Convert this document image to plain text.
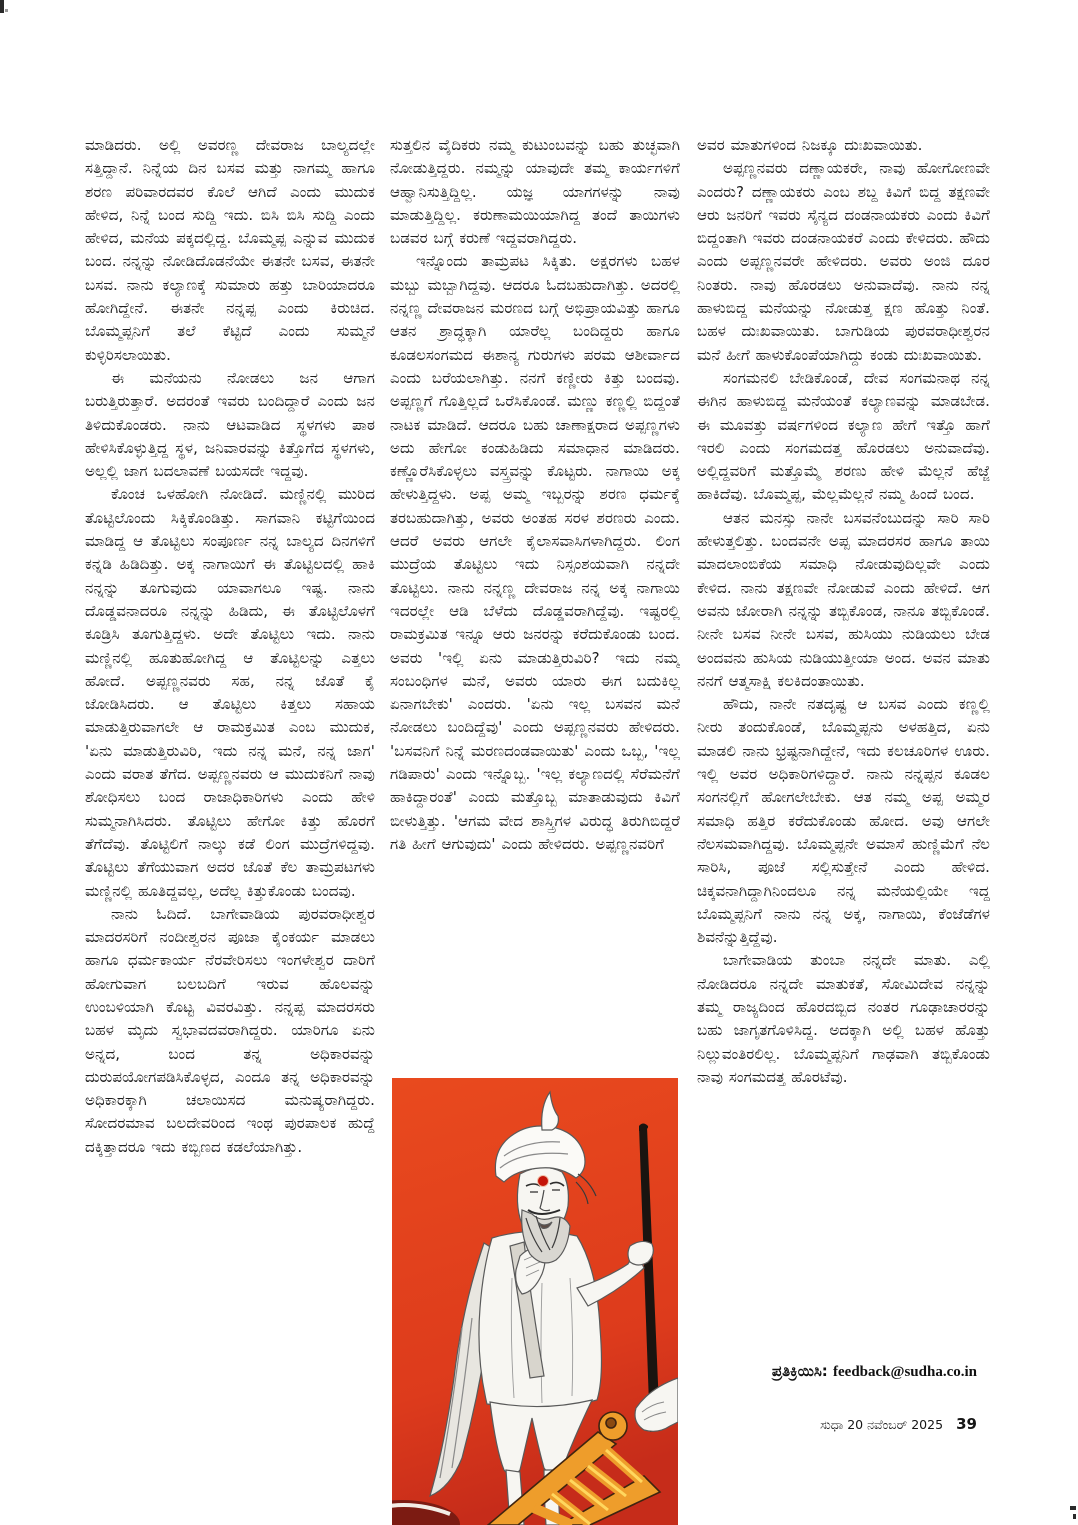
ಮಾಡಿದರು. ಅಲ್ಲಿ ಅವರಣ್ಣ ದೇವರಾಜ ಬಾಲ್ಯದಲ್ಲೇ ಸತ್ತಿದ್ದಾನೆ. ನಿನ್ನೆಯ ದಿನ ಬಸವ ಮತ್ತು ನಾಗಮ್ಮ ಹಾಗೂ ಶರಣ ಪರಿವಾರದವರ ಕೊಲೆ ಆಗಿದೆ ಎಂದು ಮುದುಕ ಹೇಳಿದ, ನಿನ್ನೆ ಬಂದ ಸುದ್ದಿ ಇದು. ಬಿಸಿ ಬಿಸಿ ಸುದ್ದಿ ಎಂದು ಹೇಳಿದ, ಮನೆಯ ಪಕ್ಕದಲ್ಲಿದ್ದ. ಬೊಮ್ಮಪ್ಪ ಎನ್ನುವ ಮುದುಕ ಬಂದ. ನನ್ನನ್ನು ನೋಡಿದೊಡನೆಯೇ ಈತನೇ ಬಸವ, ಈತನೇ ಬಸವ. ನಾನು ಕಲ್ಯಾಣಕ್ಕೆ ಸುಮಾರು ಹತ್ತು ಬಾರಿಯಾದರೂ ಹೋಗಿದ್ದೇನೆ. ಈತನೇ ನನ್ನಪ್ಪ ಎಂದು ಕಿರುಚಿದ. ಬೊಮ್ಮಪ್ಪನಿಗೆ ತಲೆ ಕೆಟ್ಟಿದೆ ಎಂದು ಸುಮ್ಮನೆ ಕುಳ್ಳಿರಿಸಲಾಯಿತು.

ಈ ಮನೆಯನು ನೋಡಲು ಜನ ಆಗಾಗ ಬರುತ್ತಿರುತ್ತಾರೆ. ಅದರಂತೆ ಇವರು ಬಂದಿದ್ದಾರೆ ಎಂದು ಜನ ತಿಳಿದುಕೊಂಡರು. ನಾನು ಆಟವಾಡಿದ ಸ್ಥಳಗಳು ಪಾಠ ಹೇಳಿಸಿಕೊಳ್ಳುತ್ತಿದ್ದ ಸ್ಥಳ, ಜನಿವಾರವನ್ನು ಕಿತ್ತೊಗೆದ ಸ್ಥಳಗಳು, ಅಲ್ಲಲ್ಲಿ ಜಾಗ ಬದಲಾವಣೆ ಬಯಸದೇ ಇದ್ದವು.

ಕೊಂಚ ಒಳಹೋಗಿ ನೋಡಿದೆ. ಮಣ್ಣಿನಲ್ಲಿ ಮುರಿದ ತೊಟ್ಟಿಲೊಂದು ಸಿಕ್ಕಿಕೊಂಡಿತ್ತು. ಸಾಗವಾನಿ ಕಟ್ಟಿಗೆಯಿಂದ ಮಾಡಿದ್ದ ಆ ತೊಟ್ಟಿಲು ಸಂಪೂರ್ಣ ನನ್ನ ಬಾಲ್ಯದ ದಿನಗಳಿಗೆ ಕನ್ನಡಿ ಹಿಡಿದಿತ್ತು. ಅಕ್ಕ ನಾಗಾಯಿಗೆ ಈ ತೊಟ್ಟಿಲದಲ್ಲಿ ಹಾಕಿ ನನ್ನನ್ನು ತೂಗುವುದು ಯಾವಾಗಲೂ ಇಷ್ಟ. ನಾನು ದೊಡ್ಡವನಾದರೂ ನನ್ನನ್ನು ಹಿಡಿದು, ಈ ತೊಟ್ಟಿಲೊಳಗೆ ಕೂಡ್ರಿಸಿ ತೂಗುತ್ತಿದ್ದಳು. ಅದೇ ತೊಟ್ಟಿಲು ಇದು. ನಾನು ಮಣ್ಣಿನಲ್ಲಿ ಹೂತುಹೋಗಿದ್ದ ಆ ತೊಟ್ಟಿಲನ್ನು ಎತ್ತಲು ಹೋದೆ. ಅಪ್ಪಣ್ಣನವರು ಸಹ, ನನ್ನ ಜೊತೆ ಕೈ ಜೋಡಿಸಿದರು. ಆ ತೊಟ್ಟಿಲು ಕಿತ್ತಲು ಸಹಾಯ ಮಾಡುತ್ತಿರುವಾಗಲೇ ಆ ರಾಮಕ್ರಮಿತ ಎಂಬ ಮುದುಕ, 'ಏನು ಮಾಡುತ್ತಿರುವಿರಿ, ಇದು ನನ್ನ ಮನೆ, ನನ್ನ ಜಾಗ' ಎಂದು ವರಾತ ತೆಗೆದ. ಅಪ್ಪಣ್ಣನವರು ಆ ಮುದುಕನಿಗೆ ನಾವು ಶೋಧಿಸಲು ಬಂದ ರಾಜಾಧಿಕಾರಿಗಳು ಎಂದು ಹೇಳಿ ಸುಮ್ಮನಾಗಿಸಿದರು. ತೊಟ್ಟಿಲು ಹೇಗೋ ಕಿತ್ತು ಹೊರಗೆ ತೆಗೆದೆವು. ತೊಟ್ಟಿಲಿಗೆ ನಾಲ್ಕು ಕಡೆ ಲಿಂಗ ಮುದ್ರೆಗಳಿದ್ದವು. ತೊಟ್ಟಿಲು ತೆಗೆಯುವಾಗ ಅದರ ಜೊತೆ ಕೆಲ ತಾಮ್ರಪಟಗಳು ಮಣ್ಣಿನಲ್ಲಿ ಹೂತಿದ್ದವಲ್ಲ, ಅದೆಲ್ಲ ಕಿತ್ತುಕೊಂಡು ಬಂದವು.

ನಾನು ಓದಿದೆ. ಬಾಗೇವಾಡಿಯ ಪುರವರಾಧೀಶ್ವರ ಮಾದರಸರಿಗೆ ನಂದೀಶ್ವರನ ಪೂಜಾ ಕೈಂಕರ್ಯ ಮಾಡಲು ಹಾಗೂ ಧರ್ಮಕಾರ್ಯ ನೆರವೇರಿಸಲು ಇಂಗಳೇಶ್ವರ ದಾರಿಗೆ ಹೋಗುವಾಗ ಬಲಬದಿಗೆ ಇರುವ ಹೊಲವನ್ನು ಉಂಬಳಿಯಾಗಿ ಕೊಟ್ಟ ವಿವರವಿತ್ತು. ನನ್ನಪ್ಪ ಮಾದರಸರು ಬಹಳ ಮೃದು ಸ್ವಭಾವದವರಾಗಿದ್ದರು. ಯಾರಿಗೂ ಏನು ಅನ್ನದ, ಬಂದ ತನ್ನ ಅಧಿಕಾರವನ್ನು ದುರುಪಯೋಗಪಡಿಸಿಕೊಳ್ಳದ, ಎಂದೂ ತನ್ನ ಅಧಿಕಾರವನ್ನು ಅಧಿಕಾರಕ್ಕಾಗಿ ಚಲಾಯಿಸದ ಮನುಷ್ಯರಾಗಿದ್ದರು. ಸೋದರಮಾವ ಬಲದೇವರಿಂದ ಇಂಥ ಪುರಪಾಲಕ ಹುದ್ದೆ ದಕ್ಕಿತ್ತಾದರೂ ಇದು ಕಬ್ಬಿಣದ ಕಡಲೆಯಾಗಿತ್ತು.

ಸುತ್ತಲಿನ ವೈದಿಕರು ನಮ್ಮ ಕುಟುಂಬವನ್ನು ಬಹು ತುಚ್ಛವಾಗಿ ನೋಡುತ್ತಿದ್ದರು. ನಮ್ಮನ್ನು ಯಾವುದೇ ತಮ್ಮ ಕಾರ್ಯಗಳಿಗೆ ಆಹ್ವಾನಿಸುತ್ತಿದ್ದಿಲ್ಲ. ಯಜ್ಞ ಯಾಗಗಳನ್ನು ನಾವು ಮಾಡುತ್ತಿದ್ದಿಲ್ಲ. ಕರುಣಾಮಯಿಯಾಗಿದ್ದ ತಂದೆ ತಾಯಿಗಳು ಬಡವರ ಬಗ್ಗೆ ಕರುಣೆ ಇದ್ದವರಾಗಿದ್ದರು.

ಇನ್ನೊಂದು ತಾಮ್ರಪಟ ಸಿಕ್ಕಿತು. ಅಕ್ಷರಗಳು ಬಹಳ ಮಬ್ಬು ಮಬ್ಬಾಗಿದ್ದವು. ಆದರೂ ಓದಬಹುದಾಗಿತ್ತು. ಅದರಲ್ಲಿ ನನ್ನಣ್ಣ ದೇವರಾಜನ ಮರಣದ ಬಗ್ಗೆ ಅಭಿಪ್ರಾಯವಿತ್ತು ಹಾಗೂ ಆತನ ಶ್ರಾದ್ಧಕ್ಕಾಗಿ ಯಾರೆಲ್ಲ ಬಂದಿದ್ದರು ಹಾಗೂ ಕೂಡಲಸಂಗಮದ ಈಶಾನ್ಯ ಗುರುಗಳು ಪರಮ ಆಶೀರ್ವಾದ ಎಂದು ಬರೆಯಲಾಗಿತ್ತು. ನನಗೆ ಕಣ್ಣೀರು ಕಿತ್ತು ಬಂದವು. ಅಪ್ಪಣ್ಣಗೆ ಗೊತ್ತಿಲ್ಲದೆ ಒರೆಸಿಕೊಂಡೆ. ಮಣ್ಣು ಕಣ್ಣಲ್ಲಿ ಬಿದ್ದಂತೆ ನಾಟಕ ಮಾಡಿದೆ. ಆದರೂ ಬಹು ಚಾಣಾಕ್ಷರಾದ ಅಪ್ಪಣ್ಣಗಳು ಅದು ಹೇಗೋ ಕಂಡುಹಿಡಿದು ಸಮಾಧಾನ ಮಾಡಿದರು. ಕಣ್ಣೊರೆಸಿಕೊಳ್ಳಲು ವಸ್ತ್ರವನ್ನು ಕೊಟ್ಟರು. ನಾಗಾಯಿ ಅಕ್ಕ ಹೇಳುತ್ತಿದ್ದಳು. ಅಪ್ಪ ಅಮ್ಮ ಇಬ್ಬರನ್ನು ಶರಣ ಧರ್ಮಕ್ಕೆ ತರಬಹುದಾಗಿತ್ತು, ಅವರು ಅಂತಹ ಸರಳ ಶರಣರು ಎಂದು. ಆದರೆ ಅವರು ಆಗಲೇ ಕೈಲಾಸವಾಸಿಗಳಾಗಿದ್ದರು. ಲಿಂಗ ಮುದ್ರೆಯ ತೊಟ್ಟಿಲು ಇದು ನಿಸ್ಸಂಶಯವಾಗಿ ನನ್ನದೇ ತೊಟ್ಟಿಲು. ನಾನು ನನ್ನಣ್ಣ ದೇವರಾಜ ನನ್ನ ಅಕ್ಕ ನಾಗಾಯಿ ಇದರಲ್ಲೇ ಆಡಿ ಬೆಳೆದು ದೊಡ್ಡವರಾಗಿದ್ದೆವು. ಇಷ್ಟರಲ್ಲಿ ರಾಮಕ್ರಮಿತ ಇನ್ನೂ ಆರು ಜನರನ್ನು ಕರೆದುಕೊಂಡು ಬಂದ. ಅವರು 'ಇಲ್ಲಿ ಏನು ಮಾಡುತ್ತಿರುವಿರಿ? ಇದು ನಮ್ಮ ಸಂಬಂಧಿಗಳ ಮನೆ, ಅವರು ಯಾರು ಈಗ ಬದುಕಿಲ್ಲ ಏನಾಗಬೇಕು' ಎಂದರು. 'ಏನು ಇಲ್ಲ ಬಸವನ ಮನೆ ನೋಡಲು ಬಂದಿದ್ದೆವು' ಎಂದು ಅಪ್ಪಣ್ಣನವರು ಹೇಳಿದರು. 'ಬಸವನಿಗೆ ನಿನ್ನೆ ಮರಣದಂಡವಾಯಿತು' ಎಂದು ಒಬ್ಬ, 'ಇಲ್ಲ ಗಡಿಪಾರು' ಎಂದು ಇನ್ನೊಬ್ಬ. 'ಇಲ್ಲ ಕಲ್ಯಾಣದಲ್ಲಿ ಸೆರೆಮನೆಗೆ ಹಾಕಿದ್ದಾರಂತೆ' ಎಂದು ಮತ್ತೊಬ್ಬ ಮಾತಾಡುವುದು ಕಿವಿಗೆ ಬೀಳುತ್ತಿತ್ತು. 'ಆಗಮ ವೇದ ಶಾಸ್ತ್ರಿಗಳ ವಿರುದ್ಧ ತಿರುಗಿಬಿದ್ದರೆ ಗತಿ ಹೀಗೆ ಆಗುವುದು' ಎಂದು ಹೇಳಿದರು. ಅಪ್ಪಣ್ಣನವರಿಗೆ

ಅವರ ಮಾತುಗಳಿಂದ ನಿಜಕ್ಕೂ ದುಃಖವಾಯಿತು.

ಅಪ್ಪಣ್ಣನವರು ದಣ್ಣಾಯಕರೇ, ನಾವು ಹೋಗೋಣವೇ ಎಂದರು? ದಣ್ಣಾಯಕರು ಎಂಬ ಶಬ್ದ ಕಿವಿಗೆ ಬಿದ್ದ ತಕ್ಷಣವೇ ಆರು ಜನರಿಗೆ ಇವರು ಸೈನ್ಯದ ದಂಡನಾಯಕರು ಎಂದು ಕಿವಿಗೆ ಬಿದ್ದಂತಾಗಿ ಇವರು ದಂಡನಾಯಕರೆ ಎಂದು ಕೇಳಿದರು. ಹೌದು ಎಂದು ಅಪ್ಪಣ್ಣನವರೇ ಹೇಳಿದರು. ಅವರು ಅಂಜಿ ದೂರ ನಿಂತರು. ನಾವು ಹೊರಡಲು ಅನುವಾದೆವು. ನಾನು ನನ್ನ ಹಾಳುಬಿದ್ದ ಮನೆಯನ್ನು ನೋಡುತ್ತ ಕ್ಷಣ ಹೊತ್ತು ನಿಂತೆ. ಬಹಳ ದುಃಖವಾಯಿತು. ಬಾಗುಡಿಯ ಪುರವರಾಧೀಶ್ವರನ ಮನೆ ಹೀಗೆ ಹಾಳುಕೊಂಪೆಯಾಗಿದ್ದು ಕಂಡು ದುಃಖವಾಯಿತು.

ಸಂಗಮನಲಿ ಬೇಡಿಕೊಂಡೆ, ದೇವ ಸಂಗಮನಾಥ ನನ್ನ ಈಗಿನ ಹಾಳುಬಿದ್ದ ಮನೆಯಂತೆ ಕಲ್ಯಾಣವನ್ನು ಮಾಡಬೇಡ. ಈ ಮೂವತ್ತು ವರ್ಷಗಳಿಂದ ಕಲ್ಯಾಣ ಹೇಗೆ ಇತ್ತೊ ಹಾಗೆ ಇರಲಿ ಎಂದು ಸಂಗಮದತ್ತ ಹೊರಡಲು ಅನುವಾದೆವು. ಅಲ್ಲಿದ್ದವರಿಗೆ ಮತ್ತೊಮ್ಮೆ ಶರಣು ಹೇಳಿ ಮೆಲ್ಲನೆ ಹೆಜ್ಜೆ ಹಾಕಿದೆವು. ಬೊಮ್ಮಪ್ಪ, ಮೆಲ್ಲಮೆಲ್ಲನೆ ನಮ್ಮ ಹಿಂದೆ ಬಂದ.

ಆತನ ಮನಸ್ಸು ನಾನೇ ಬಸವನೆಂಬುದನ್ನು ಸಾರಿ ಸಾರಿ ಹೇಳುತ್ತಲಿತ್ತು. ಬಂದವನೇ ಅಪ್ಪ ಮಾದರಸರ ಹಾಗೂ ತಾಯಿ ಮಾದಲಾಂಬಿಕೆಯ ಸಮಾಧಿ ನೋಡುವುದಿಲ್ಲವೇ ಎಂದು ಕೇಳಿದ. ನಾನು ತಕ್ಷಣವೇ ನೋಡುವೆ ಎಂದು ಹೇಳಿದೆ. ಆಗ ಅವನು ಜೋರಾಗಿ ನನ್ನನ್ನು ತಬ್ಬಿಕೊಂಡ, ನಾನೂ ತಬ್ಬಿಕೊಂಡೆ. ನೀನೇ ಬಸವ ನೀನೇ ಬಸವ, ಹುಸಿಯು ನುಡಿಯಲು ಬೇಡ ಅಂದವನು ಹುಸಿಯ ನುಡಿಯುತ್ತೀಯಾ ಅಂದ. ಅವನ ಮಾತು ನನಗೆ ಆತ್ಮಸಾಕ್ಷಿ ಕಲಕಿದಂತಾಯಿತು.

ಹೌದು, ನಾನೇ ನತದೃಷ್ಟ ಆ ಬಸವ ಎಂದು ಕಣ್ಣಲ್ಲಿ ನೀರು ತಂದುಕೊಂಡೆ, ಬೊಮ್ಮಪ್ಪನು ಅಳಹತ್ತಿದ, ಏನು ಮಾಡಲಿ ನಾನು ಭ್ರಷ್ಟನಾಗಿದ್ದೇನೆ, ಇದು ಕಲಚೂರಿಗಳ ಊರು. ಇಲ್ಲಿ ಅವರ ಅಧಿಕಾರಿಗಳಿದ್ದಾರೆ. ನಾನು ನನ್ನಪ್ಪನ ಕೂಡಲ ಸಂಗನಲ್ಲಿಗೆ ಹೋಗಲೇಬೇಕು. ಆತ ನಮ್ಮ ಅಪ್ಪ ಅಮ್ಮರ ಸಮಾಧಿ ಹತ್ತಿರ ಕರೆದುಕೊಂಡು ಹೋದ. ಅವು ಆಗಲೇ ನೆಲಸಮವಾಗಿದ್ದವು. ಬೊಮ್ಮಪ್ಪನೇ ಅಮಾಸೆ ಹುಣ್ಣಿಮೆಗೆ ನೆಲ ಸಾರಿಸಿ, ಪೂಜೆ ಸಲ್ಲಿಸುತ್ತೇನೆ ಎಂದು ಹೇಳಿದ. ಚಿಕ್ಕವನಾಗಿದ್ದಾಗಿನಿಂದಲೂ ನನ್ನ ಮನೆಯಲ್ಲಿಯೇ ಇದ್ದ ಬೊಮ್ಮಪ್ಪನಿಗೆ ನಾನು ನನ್ನ ಅಕ್ಕ, ನಾಗಾಯಿ, ಕೆಂಜೆಡೆಗಳ ಶಿವನೆನ್ನುತ್ತಿದ್ದೆವು.

ಬಾಗೇವಾಡಿಯ ತುಂಬಾ ನನ್ನದೇ ಮಾತು. ಎಲ್ಲಿ ನೋಡಿದರೂ ನನ್ನದೇ ಮಾತುಕತೆ, ಸೋಮಿದೇವ ನನ್ನನ್ನು ತಮ್ಮ ರಾಜ್ಯದಿಂದ ಹೊರದಬ್ಬಿದ ನಂತರ ಗೂಢಾಚಾರರನ್ನು ಬಹು ಜಾಗೃತಗೊಳಿಸಿದ್ದ. ಅದಕ್ಕಾಗಿ ಅಲ್ಲಿ ಬಹಳ ಹೊತ್ತು ನಿಲ್ಲುವಂತಿರಲಿಲ್ಲ. ಬೊಮ್ಮಪ್ಪನಿಗೆ ಗಾಢವಾಗಿ ತಬ್ಬಿಕೊಂಡು ನಾವು ಸಂಗಮದತ್ತ ಹೊರಟೆವು.

ಪ್ರತಿಕ್ರಿಯಿಸಿ: feedback@sudha.co.in
ಸುಧಾ 20 ನವೆಂಬರ್ 2025 39
